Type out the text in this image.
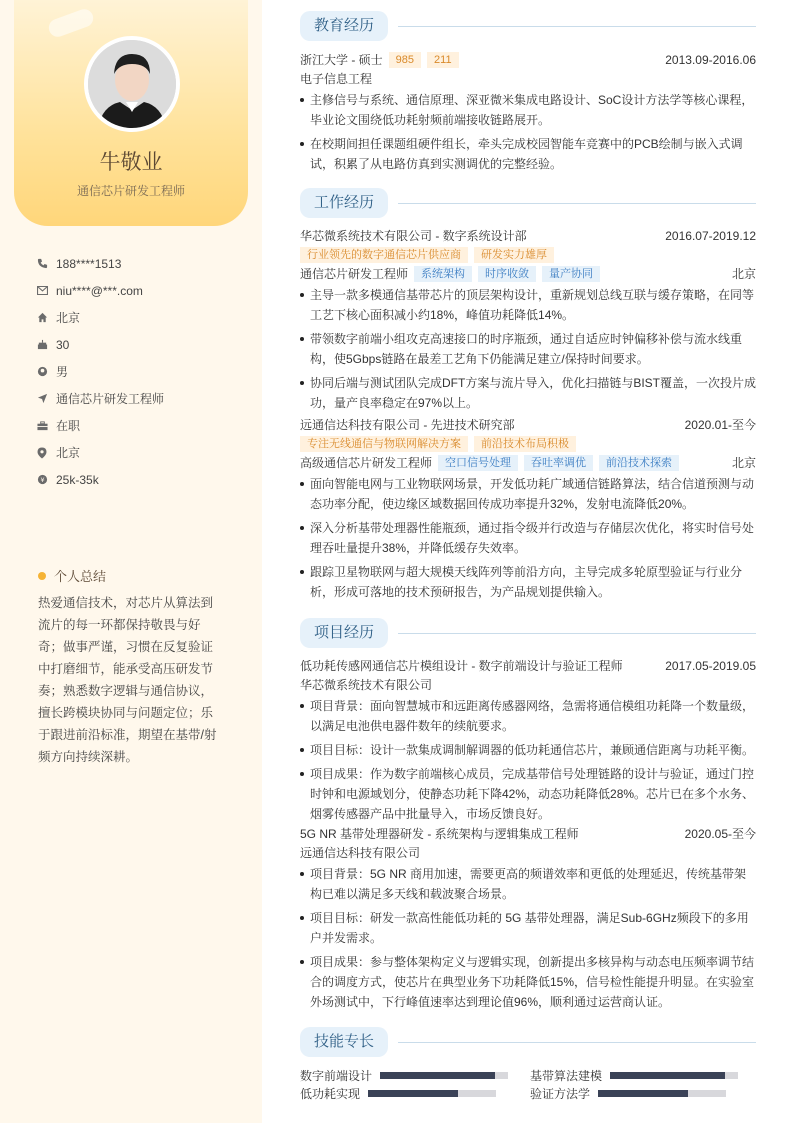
牛敬业
通信芯片研发工程师
188****1513
niu****@***.com
北京
30
男
通信芯片研发工程师
在职
北京
¥ 25k-35k
个人总结
热爱通信技术，对芯片从算法到流片的每一环都保持敬畏与好奇；做事严谨，习惯在反复验证中打磨细节，能承受高压研发节奏；熟悉数字逻辑与通信协议，擅长跨模块协同与问题定位；乐于跟进前沿标准，期望在基带/射频方向持续深耕。
教育经历
浙江大学 - 硕士	985	211	2013.09-2016.06
电子信息工程
主修信号与系统、通信原理、深亚微米集成电路设计、SoC设计方法学等核心课程，毕业论文围绕低功耗射频前端接收链路展开。
在校期间担任课题组硬件组长，牵头完成校园智能车竞赛中的PCB绘制与嵌入式调试，积累了从电路仿真到实测调优的完整经验。
工作经历
华芯微系统技术有限公司 - 数字系统设计部	2016.07-2019.12
行业领先的数字通信芯片供应商	研发实力雄厚
通信芯片研发工程师	系统架构	时序收敛	量产协同	北京
主导一款多模通信基带芯片的顶层架构设计，重新规划总线互联与缓存策略，在同等工艺下核心面积减小约18%，峰值功耗降低14%。
带领数字前端小组攻克高速接口的时序瓶颈，通过自适应时钟偏移补偿与流水线重构，使5Gbps链路在最差工艺角下仍能满足建立/保持时间要求。
协同后端与测试团队完成DFT方案与流片导入，优化扫描链与BIST覆盖，一次投片成功，量产良率稳定在97%以上。
远通信达科技有限公司 - 先进技术研究部	2020.01-至今
专注无线通信与物联网解决方案	前沿技术布局积极
高级通信芯片研发工程师	空口信号处理	吞吐率调优	前沿技术探索	北京
面向智能电网与工业物联网场景，开发低功耗广域通信链路算法，结合信道预测与动态功率分配，使边缘区域数据回传成功率提升32%，发射电流降低20%。
深入分析基带处理器性能瓶颈，通过指令级并行改造与存储层次优化，将实时信号处理吞吐量提升38%，并降低缓存失效率。
跟踪卫星物联网与超大规模天线阵列等前沿方向，主导完成多轮原型验证与行业分析，形成可落地的技术预研报告，为产品规划提供输入。
项目经历
低功耗传感网通信芯片模组设计 - 数字前端设计与验证工程师	2017.05-2019.05
华芯微系统技术有限公司
项目背景：面向智慧城市和远距离传感器网络，急需将通信模组功耗降一个数量级，以满足电池供电器件数年的续航要求。
项目目标：设计一款集成调制解调器的低功耗通信芯片，兼顾通信距离与功耗平衡。
项目成果：作为数字前端核心成员，完成基带信号处理链路的设计与验证，通过门控时钟和电源域划分，使静态功耗下降42%，动态功耗降低28%。芯片已在多个水务、烟雾传感器产品中批量导入，市场反馈良好。
5G NR 基带处理器研发 - 系统架构与逻辑集成工程师	2020.05-至今
远通信达科技有限公司
项目背景：5G NR 商用加速，需要更高的频谱效率和更低的处理延迟，传统基带架构已难以满足多天线和载波聚合场景。
项目目标：研发一款高性能低功耗的 5G 基带处理器，满足Sub-6GHz频段下的多用户并发需求。
项目成果：参与整体架构定义与逻辑实现，创新提出多核异构与动态电压频率调节结合的调度方式，使芯片在典型业务下功耗降低15%，信号检性能提升明显。在实验室外场测试中，下行峰值速率达到理论值96%，顺利通过运营商认证。
技能专长
数字前端设计	基带算法建模
低功耗实现	验证方法学
